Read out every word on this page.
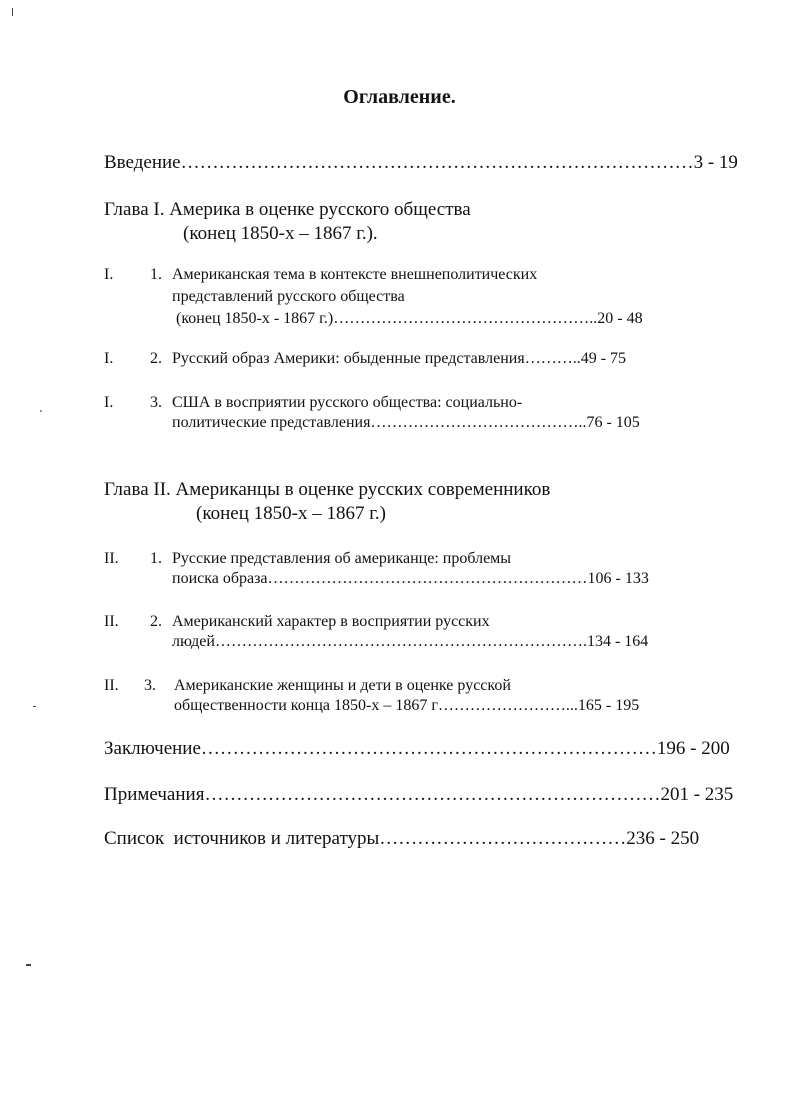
Оглавление.
Введение………………………………………………………………………3 - 19
Глава I. Америка в оценке русского общества
(конец 1850-х – 1867 г.).
I. 1. Американская тема в контексте внешнеполитических
представлений русского общества
(конец 1850-х - 1867 г.)…………………………………………..20 - 48
I. 2. Русский образ Америки: обыденные представления………..49 - 75
I. 3. США в восприятии русского общества: социально-
политические представления…………………………………..76 - 105
Глава II. Американцы в оценке русских современников
(конец 1850-х – 1867 г.)
II. 1. Русские представления об американце: проблемы
поиска образа……………………………………………………106 - 133
II. 2. Американский характер в восприятии русских
людей…………………………………………………………….134 - 164
II. 3. Американские женщины и дети в оценке русской
общественности конца 1850-х – 1867 г……………………...165 - 195
Заключение………………………………………………………………196 - 200
Примечания………………………………………………………………201 - 235
Список  источников и литературы…………………………………236 - 250
